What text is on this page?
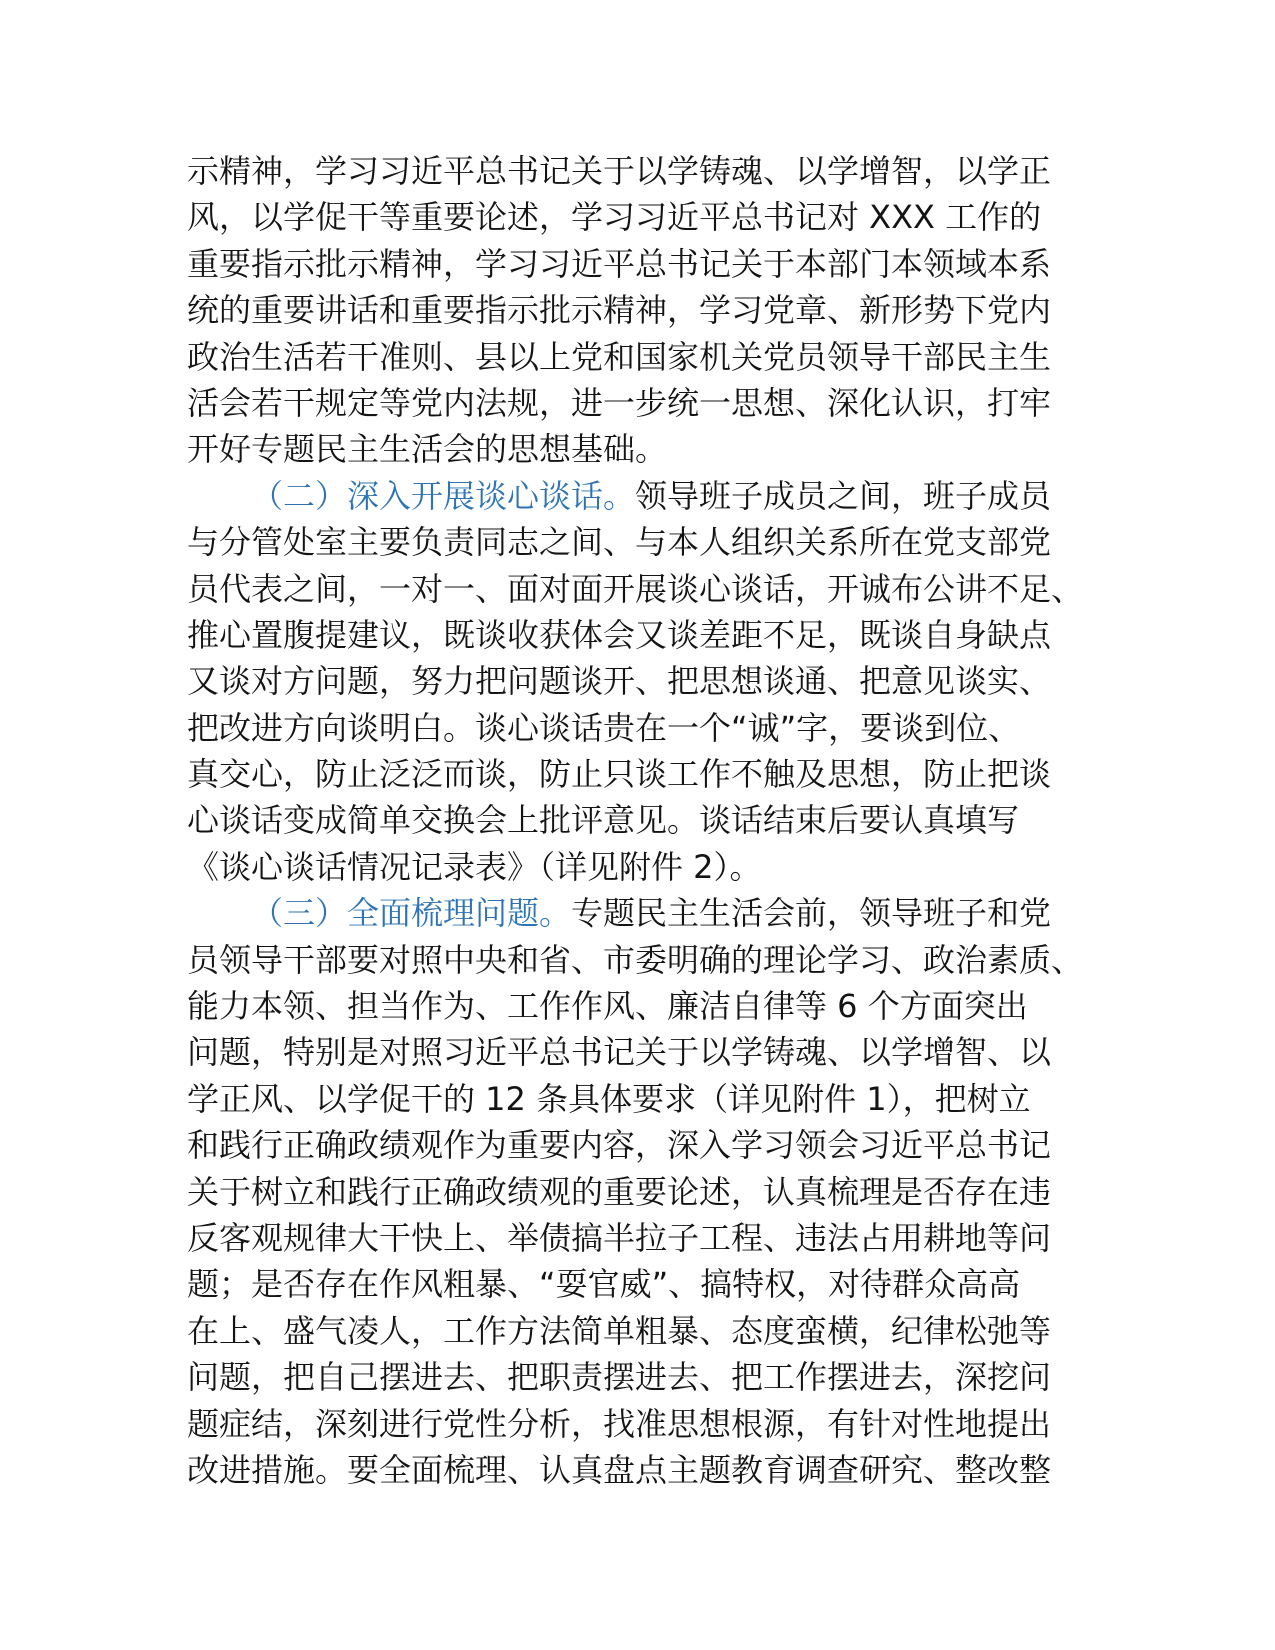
示精神，学习习近平总书记关于以学铸魂、以学增智，以学正
风，以学促干等重要论述，学习习近平总书记对 XXX 工作的
重要指示批示精神，学习习近平总书记关于本部门本领域本系
统的重要讲话和重要指示批示精神，学习党章、新形势下党内
政治生活若干准则、县以上党和国家机关党员领导干部民主生
活会若干规定等党内法规，进一步统一思想、深化认识，打牢
开好专题民主生活会的思想基础。
（二）深入开展谈心谈话。领导班子成员之间，班子成员
与分管处室主要负责同志之间、与本人组织关系所在党支部党
员代表之间，一对一、面对面开展谈心谈话，开诚布公讲不足、
推心置腹提建议，既谈收获体会又谈差距不足，既谈自身缺点
又谈对方问题，努力把问题谈开、把思想谈通、把意见谈实、
把改进方向谈明白。谈心谈话贵在一个“诚”字，要谈到位、
真交心，防止泛泛而谈，防止只谈工作不触及思想，防止把谈
心谈话变成简单交换会上批评意见。谈话结束后要认真填写
《谈心谈话情况记录表》（详见附件 2）。
（三）全面梳理问题。专题民主生活会前，领导班子和党
员领导干部要对照中央和省、市委明确的理论学习、政治素质、
能力本领、担当作为、工作作风、廉洁自律等 6 个方面突出
问题，特别是对照习近平总书记关于以学铸魂、以学增智、以
学正风、以学促干的 12 条具体要求（详见附件 1），把树立
和践行正确政绩观作为重要内容，深入学习领会习近平总书记
关于树立和践行正确政绩观的重要论述，认真梳理是否存在违
反客观规律大干快上、举债搞半拉子工程、违法占用耕地等问
题；是否存在作风粗暴、“耍官威”、搞特权，对待群众高高
在上、盛气凌人，工作方法简单粗暴、态度蛮横，纪律松弛等
问题，把自己摆进去、把职责摆进去、把工作摆进去，深挖问
题症结，深刻进行党性分析，找准思想根源，有针对性地提出
改进措施。要全面梳理、认真盘点主题教育调查研究、整改整
